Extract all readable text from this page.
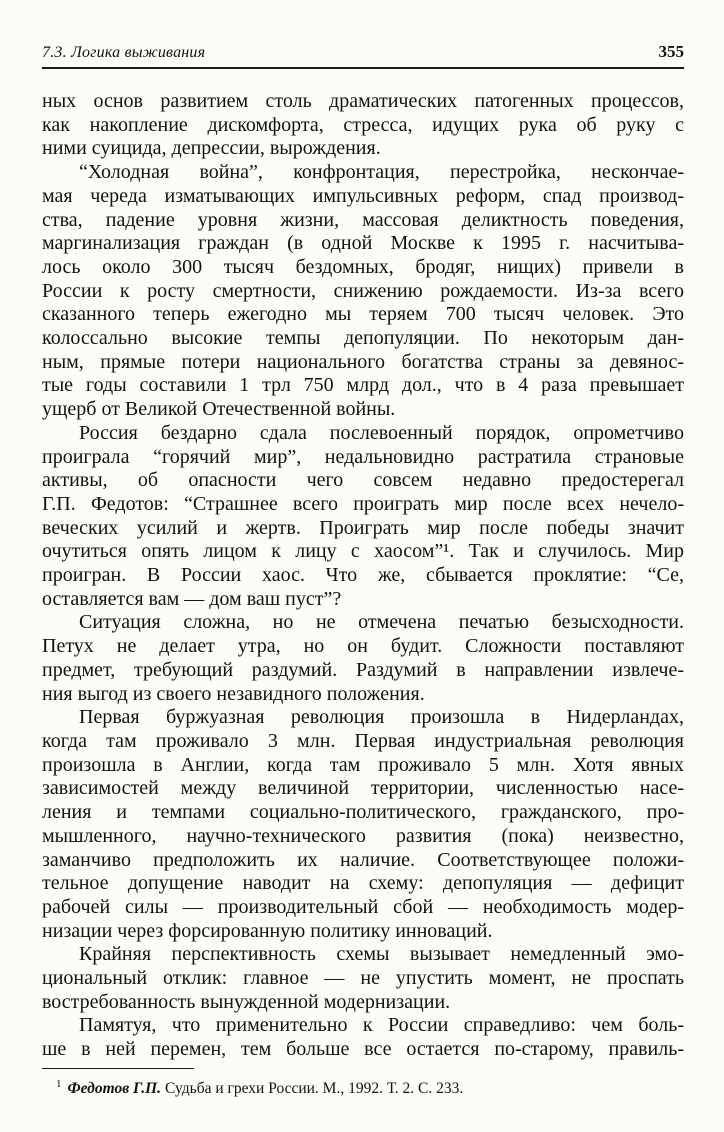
7.3. Логика выживания	355
ных основ развитием столь драматических патогенных процессов,
как накопление дискомфорта, стресса, идущих рука об руку с
ними суицида, депрессии, вырождения.
“Холодная война”, конфронтация, перестройка, нескончае-
мая череда изматывающих импульсивных реформ, спад производ-
ства, падение уровня жизни, массовая деликтность поведения,
маргинализация граждан (в одной Москве к 1995 г. насчитыва-
лось около 300 тысяч бездомных, бродяг, нищих) привели в
России к росту смертности, снижению рождаемости. Из-за всего
сказанного теперь ежегодно мы теряем 700 тысяч человек. Это
колоссально высокие темпы депопуляции. По некоторым дан-
ным, прямые потери национального богатства страны за девянос-
тые годы составили 1 трл 750 млрд дол., что в 4 раза превышает
ущерб от Великой Отечественной войны.
Россия бездарно сдала послевоенный порядок, опрометчиво
проиграла “горячий мир”, недальновидно растратила страновые
активы, об опасности чего совсем недавно предостерегал
Г.П. Федотов: “Страшнее всего проиграть мир после всех нечело-
веческих усилий и жертв. Проиграть мир после победы значит
очутиться опять лицом к лицу с хаосом”¹. Так и случилось. Мир
проигран. В России хаос. Что же, сбывается проклятие: “Се,
оставляется вам — дом ваш пуст”?
Ситуация сложна, но не отмечена печатью безысходности.
Петух не делает утра, но он будит. Сложности поставляют
предмет, требующий раздумий. Раздумий в направлении извлече-
ния выгод из своего незавидного положения.
Первая буржуазная революция произошла в Нидерландах,
когда там проживало 3 млн. Первая индустриальная революция
произошла в Англии, когда там проживало 5 млн. Хотя явных
зависимостей между величиной территории, численностью насе-
ления и темпами социально-политического, гражданского, про-
мышленного, научно-технического развития (пока) неизвестно,
заманчиво предположить их наличие. Соответствующее положи-
тельное допущение наводит на схему: депопуляция — дефицит
рабочей силы — производительный сбой — необходимость модер-
низации через форсированную политику инноваций.
Крайняя перспективность схемы вызывает немедленный эмо-
циональный отклик: главное — не упустить момент, не проспать
востребованность вынужденной модернизации.
Памятуя, что применительно к России справедливо: чем боль-
ше в ней перемен, тем больше все остается по-старому, правиль-
$^1$ Федотов Г.П. Судьба и грехи России. М., 1992. Т. 2. С. 233.
